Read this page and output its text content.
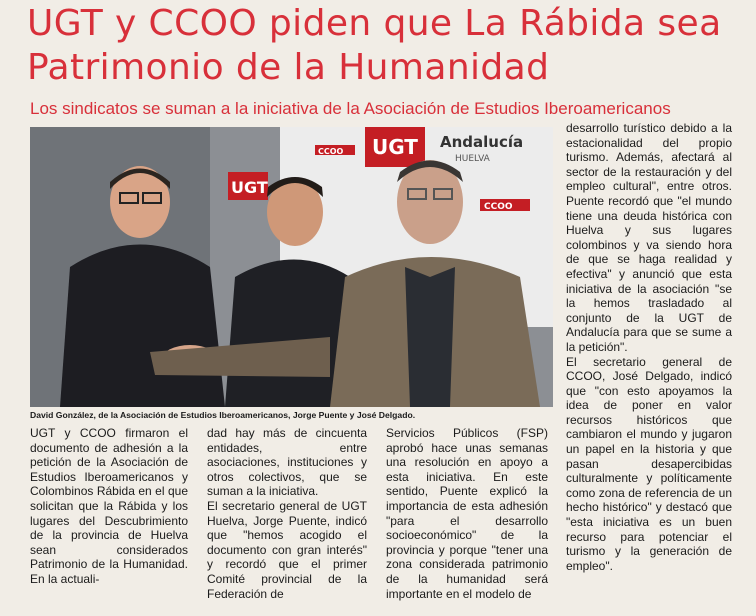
UGT y CCOO piden que La Rábida sea Patrimonio de la Humanidad

Los sindicatos se suman a la iniciativa de la Asociación de Estudios Iberoamericanos

UGT Andalucía
HUELVA
CCOO
CCOO
UGT
David González, de la Asociación de Estudios Iberoamericanos, Jorge Puente y José Delgado.

UGT y CCOO firmaron el documento de adhesión a la petición de la Asociación de Estudios Iberoamericanos y Colombinos Rábida en el que solicitan que la Rábida y los lugares del Descubrimiento de la provincia de Huelva sean considerados Patrimonio de la Humanidad. En la actuali-

dad hay más de cincuenta entidades, entre asociaciones, instituciones y otros colectivos, que se suman a la iniciativa.

El secretario general de UGT Huelva, Jorge Puente, indicó que "hemos acogido el documento con gran interés" y recordó que el primer Comité provincial de la Federación de

Servicios Públicos (FSP) aprobó hace unas semanas una resolución en apoyo a esta iniciativa. En este sentido, Puente explicó la importancia de esta adhesión "para el desarrollo socioeconómico" de la provincia y porque "tener una zona considerada patrimonio de la humanidad será importante en el modelo de

desarrollo turístico debido a la estacionalidad del propio turismo. Además, afectará al sector de la restauración y del empleo cultural", entre otros. Puente recordó que "el mundo tiene una deuda histórica con Huelva y sus lugares colombinos y va siendo hora de que se haga realidad y efectiva" y anunció que esta iniciativa de la asociación "se la hemos trasladado al conjunto de la UGT de Andalucía para que se sume a la petición".

El secretario general de CCOO, José Delgado, indicó que "con esto apoyamos la idea de poner en valor recursos históricos que cambiaron el mundo y jugaron un papel en la historia y que pasan desapercibidas culturalmente y políticamente como zona de referencia de un hecho histórico" y destacó que "esta iniciativa es un buen recurso para potenciar el turismo y la generación de empleo".
